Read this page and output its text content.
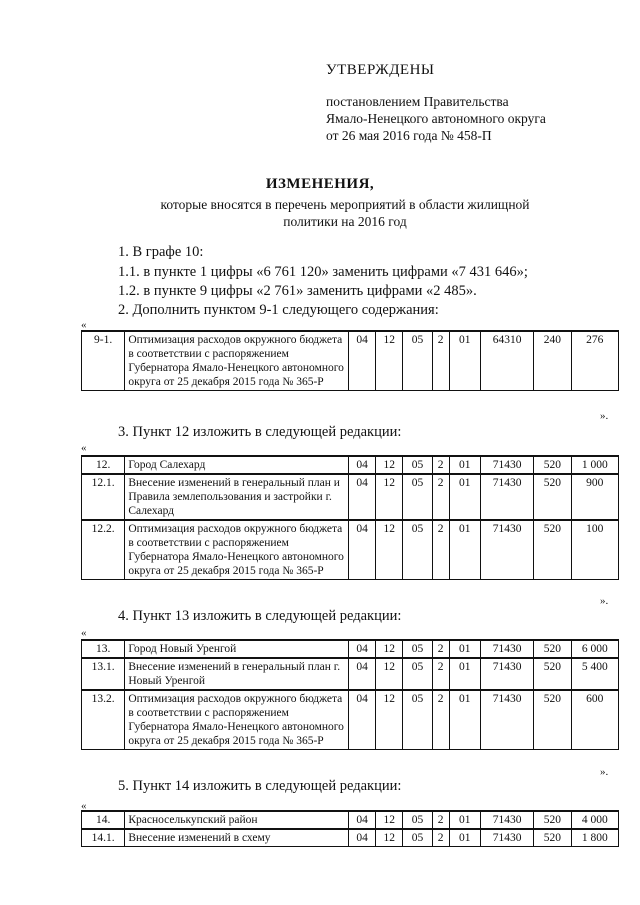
УТВЕРЖДЕНЫ
постановлением Правительства
Ямало-Ненецкого автономного округа
от 26 мая 2016 года № 458-П
ИЗМЕНЕНИЯ,
которые вносятся в перечень мероприятий в области жилищной
политики на 2016 год
1. В графе 10:
1.1. в пункте 1 цифры «6 761 120» заменить цифрами «7 431 646»;
1.2. в пункте 9 цифры «2 761» заменить цифрами «2 485».
2. Дополнить пунктом 9-1 следующего содержания:
«
9-1.	Оптимизация расходов окружного бюджета в соответствии с распоряжением Губернатора Ямало-Ненецкого автономного округа от 25 декабря 2015 года № 365-Р	04	12	05	2	01	64310	240	276
».
3. Пункт 12 изложить в следующей редакции:
«
12.	Город Салехард	04	12	05	2	01	71430	520	1 000
12.1.	Внесение изменений в генеральный план и Правила землепользования и застройки г. Салехард	04	12	05	2	01	71430	520	900
12.2.	Оптимизация расходов окружного бюджета в соответствии с распоряжением Губернатора Ямало-Ненецкого автономного округа от 25 декабря 2015 года № 365-Р	04	12	05	2	01	71430	520	100
».
4. Пункт 13 изложить в следующей редакции:
«
13.	Город Новый Уренгой	04	12	05	2	01	71430	520	6 000
13.1.	Внесение изменений в генеральный план г. Новый Уренгой	04	12	05	2	01	71430	520	5 400
13.2.	Оптимизация расходов окружного бюджета в соответствии с распоряжением Губернатора Ямало-Ненецкого автономного округа от 25 декабря 2015 года № 365-Р	04	12	05	2	01	71430	520	600
».
5. Пункт 14 изложить в следующей редакции:
«
14.	Красноселькупский район	04	12	05	2	01	71430	520	4 000
14.1.	Внесение изменений в схему	04	12	05	2	01	71430	520	1 800
